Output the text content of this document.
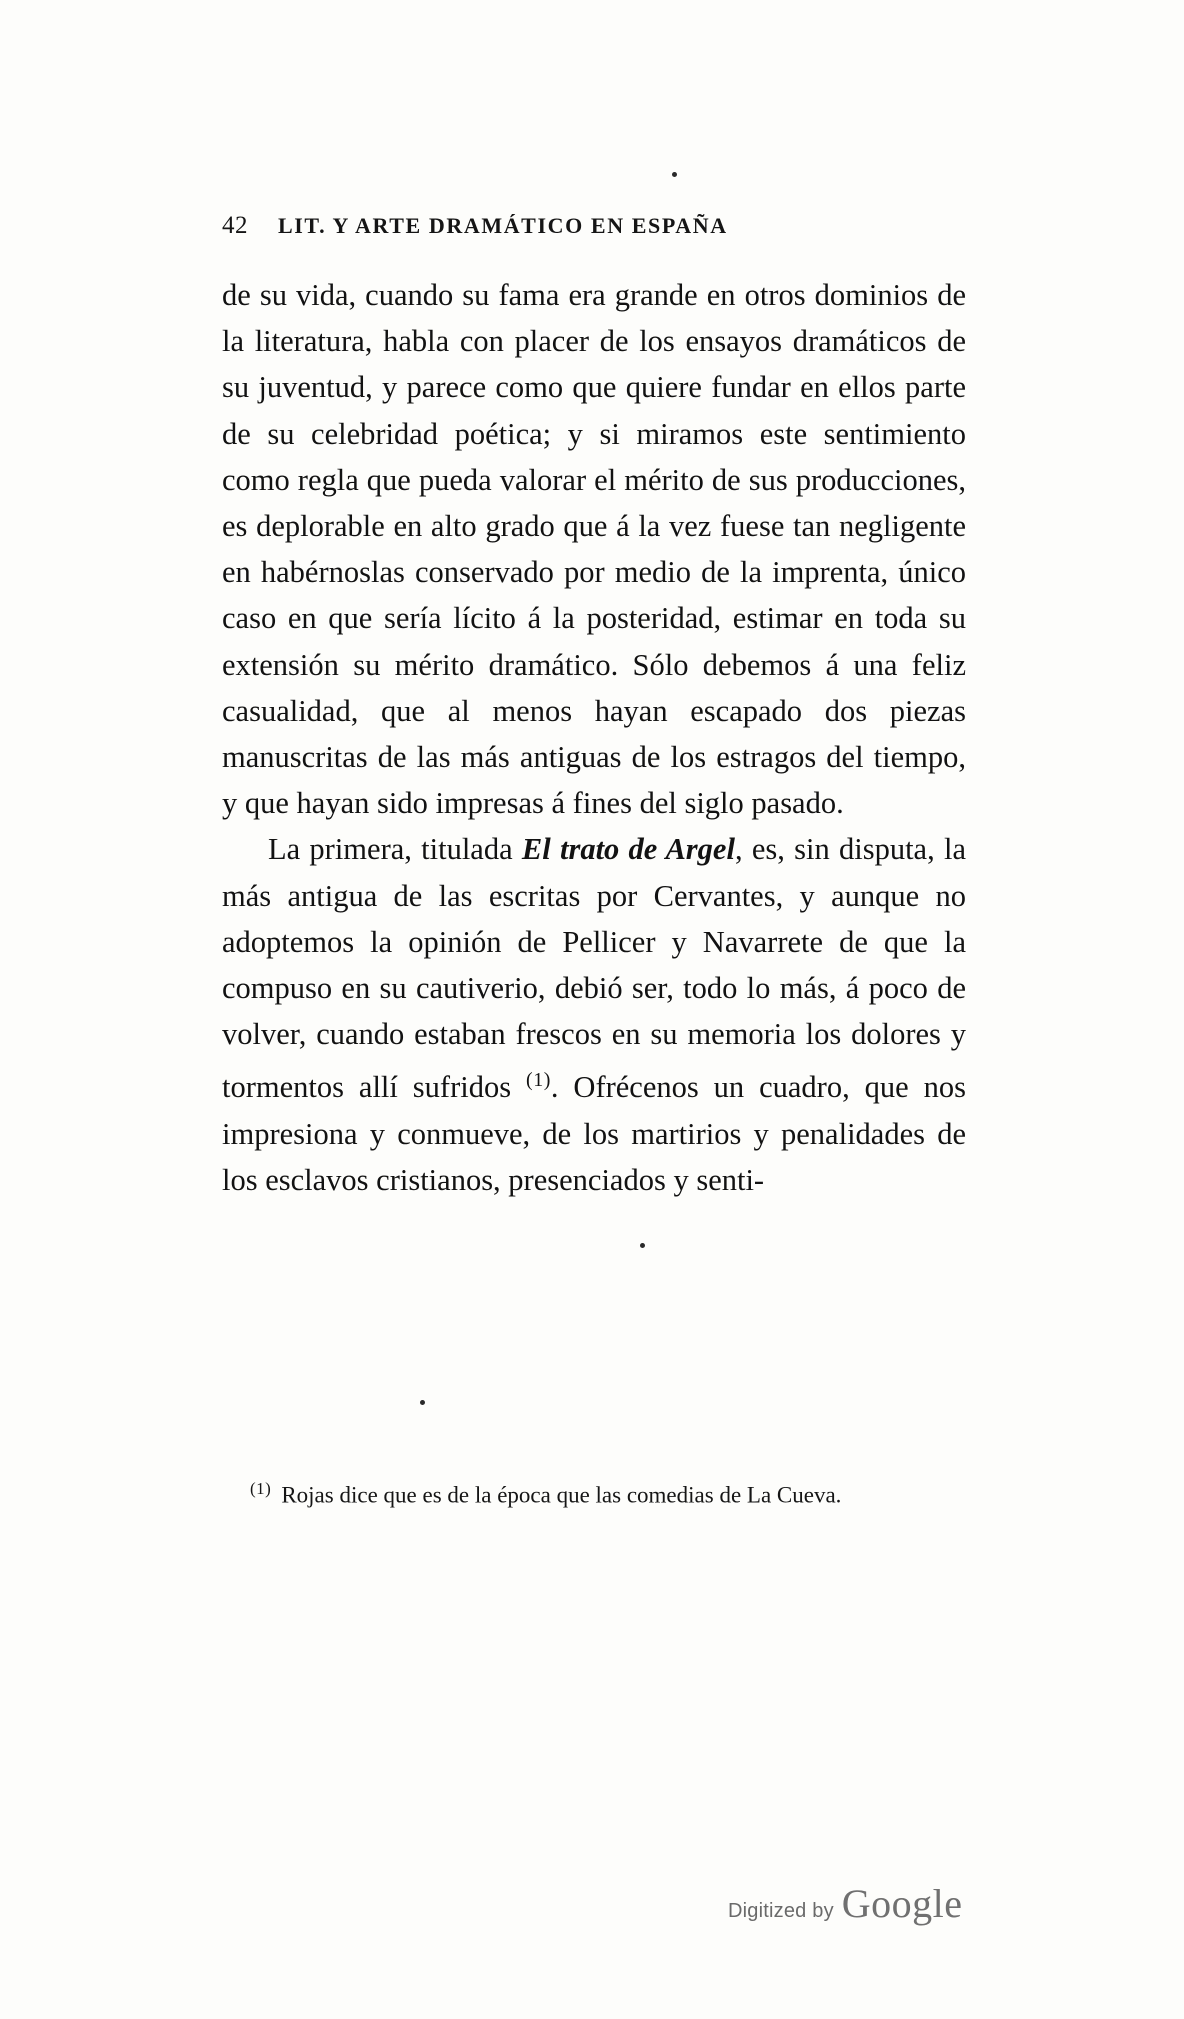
42 LIT. Y ARTE DRAMÁTICO EN ESPAÑA

de su vida, cuando su fama era grande en otros dominios de la literatura, habla con placer de los ensayos dramáticos de su juventud, y parece como que quiere fundar en ellos parte de su celebridad poética; y si miramos este sentimiento como regla que pueda valorar el mérito de sus producciones, es deplorable en alto grado que á la vez fuese tan negligente en habérnoslas conservado por medio de la imprenta, único caso en que sería lícito á la posteridad, estimar en toda su extensión su mérito dramático. Sólo debemos á una feliz casualidad, que al menos hayan escapado dos piezas manuscritas de las más antiguas de los estragos del tiempo, y que hayan sido impresas á fines del siglo pasado.

La primera, titulada El trato de Argel, es, sin disputa, la más antigua de las escritas por Cervantes, y aunque no adoptemos la opinión de Pellicer y Navarrete de que la compuso en su cautiverio, debió ser, todo lo más, á poco de volver, cuando estaban frescos en su memoria los dolores y tormentos allí sufridos $^{(1)}$. Ofrécenos un cuadro, que nos impresiona y conmueve, de los martirios y penalidades de los esclavos cristianos, presenciados y senti-

$^{(1)}$ Rojas dice que es de la época que las comedias de La Cueva.
Digitized by Google
